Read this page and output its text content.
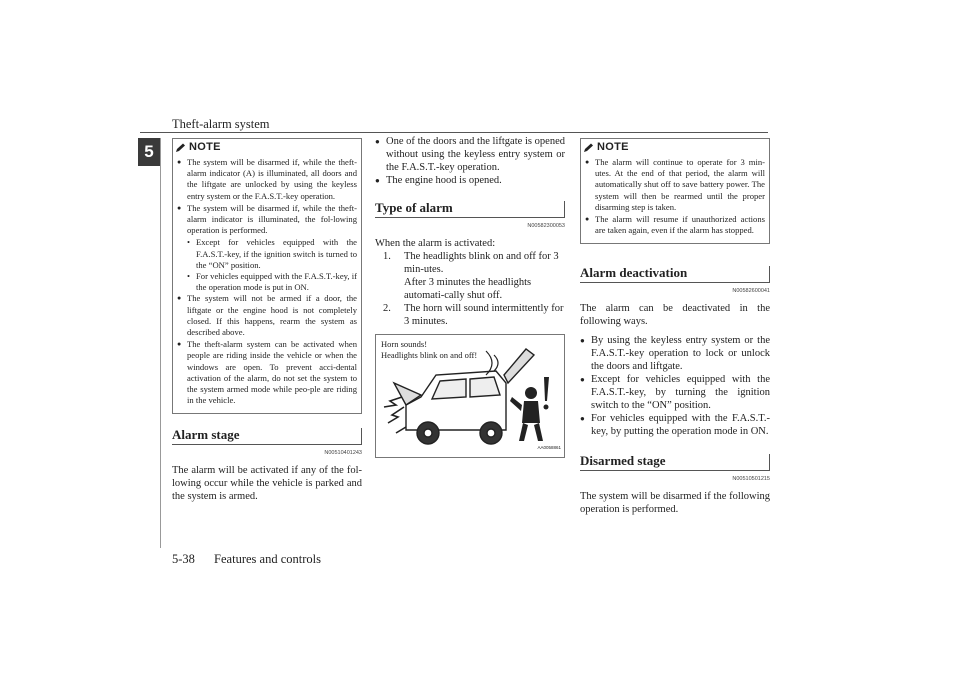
Theft-alarm system
5	NOTE
● The system will be disarmed if, while the theft-alarm indicator (A) is illuminated, all doors and the liftgate are unlocked by using the keyless entry system or the F.A.S.T.-key operation.
● The system will be disarmed if, while the theft-alarm indicator is illuminated, the fol-lowing operation is performed.
• Except for vehicles equipped with the F.A.S.T.-key, if the ignition switch is turned to the “ON” position.
• For vehicles equipped with the F.A.S.T.-key, if the operation mode is put in ON.
● The system will not be armed if a door, the liftgate or the engine hood is not completely closed. If this happens, rearm the system as described above.
● The theft-alarm system can be activated when people are riding inside the vehicle or when the windows are open. To prevent acci-dental activation of the alarm, do not set the system to the system armed mode while peo-ple are riding in the vehicle.
Alarm stage
N00510401243
The alarm will be activated if any of the fol-lowing occur while the vehicle is parked and the system is armed.
● One of the doors and the liftgate is opened without using the keyless entry system or the F.A.S.T.-key operation.
● The engine hood is opened.
Type of alarm
N00582300053
When the alarm is activated:
1. The headlights blink on and off for 3 min-utes.
After 3 minutes the headlights automati-cally shut off.
2. The horn will sound intermittently for 3 minutes.
Horn sounds!
Headlights blink on and off!
AA0058861
NOTE
● The alarm will continue to operate for 3 min-utes. At the end of that period, the alarm will automatically shut off to save battery power. The system will then be rearmed until the proper disarming step is taken.
● The alarm will resume if unauthorized actions are taken again, even if the alarm has stopped.
Alarm deactivation
N00582600041
The alarm can be deactivated in the following ways.
● By using the keyless entry system or the F.A.S.T.-key operation to lock or unlock the doors and liftgate.
● Except for vehicles equipped with the F.A.S.T.-key, by turning the ignition switch to the “ON” position.
● For vehicles equipped with the F.A.S.T.-key, by putting the operation mode in ON.
Disarmed stage
N00510501215
The system will be disarmed if the following operation is performed.
5-38 Features and controls
